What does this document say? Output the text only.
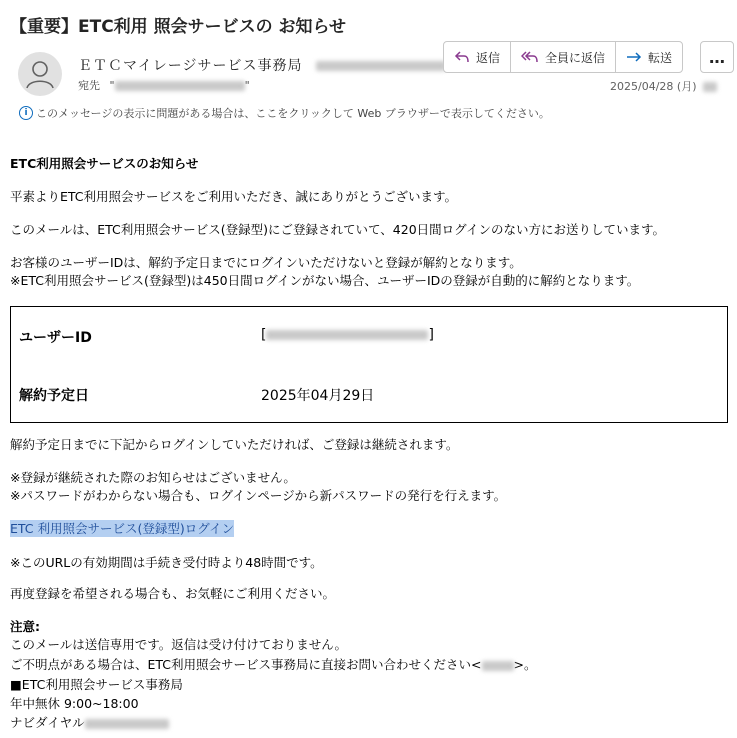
【重要】ETC利用 照会サービスの お知らせ
ＥＴＣマイレージサービス事務局
宛先 "	"
返信	全員に返信	転送	…
2025/04/28 (月)
i このメッセージの表示に問題がある場合は、ここをクリックして Web ブラウザーで表示してください。
ETC利用照会サービスのお知らせ
平素よりETC利用照会サービスをご利用いただき、誠にありがとうございます。
このメールは、ETC利用照会サービス(登録型)にご登録されていて、420日間ログインのない方にお送りしています。
お客様のユーザーIDは、解約予定日までにログインいただけないと登録が解約となります。
※ETC利用照会サービス(登録型)は450日間ログインがない場合、ユーザーIDの登録が自動的に解約となります。
ユーザーID	[	]
解約予定日	2025年04月29日
解約予定日までに下記からログインしていただければ、ご登録は継続されます。
※登録が継続された際のお知らせはございません。
※パスワードがわからない場合も、ログインページから新パスワードの発行を行えます。
ETC 利用照会サービス(登録型)ログイン
※このURLの有効期間は手続き受付時より48時間です。
再度登録を希望される場合も、お気軽にご利用ください。
注意:
このメールは送信専用です。返信は受け付けておりません。
ご不明点がある場合は、ETC利用照会サービス事務局に直接お問い合わせください<	>。
■ETC利用照会サービス事務局
年中無休 9:00~18:00
ナビダイヤル
